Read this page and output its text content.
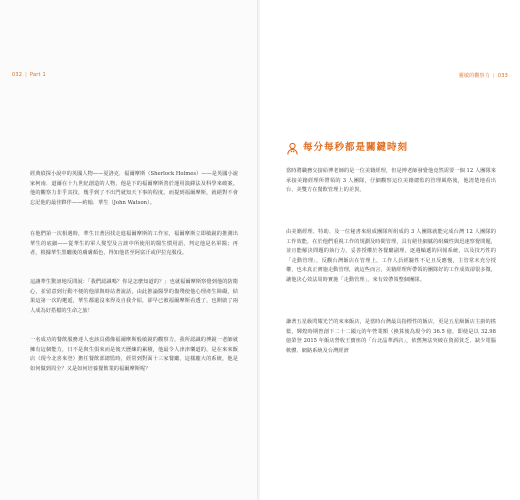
032 | Part 1

經典偵探小說中的英國人物——夏洛克．福爾摩斯（Sherlock Holmes）——是英國小說家柯南．道爾在十九世紀創造的人物，他是下的福爾摩斯善於運用演繹法及科學來破案。他的觀察力非乎其技，幾乎到了不出門就知天下事的程度。而提到福爾摩斯，就絕對不會忘記他的最佳夥伴——約翰．華生（John Watson）。

在他們第一次相遇時，華生日著因找走進福爾摩斯的工作室，福爾摩斯立即敏銳的推測出華生的底細——從華生的軍人髮型及言談中所使用的醫生慣用語，判定他是名軍醫；再者，根據華生黑曬後的膚膚顏色，得知他甚至阿富汗或伊拉克服役。

這讓華生驚訝地反問說：「我們認識嗎？你是怎麼知道的？」也就福爾摩斯察覺到他的防衛心，並留意到行動不便的他卻與時站著說話，由此推論醫學的傷殘使他心理產生障礙，結果這第一次的邂逅，華生都還沒來得及自我介紹，卻早已被福爾摩斯看透了，也開啟了兩人成為好搭檔的生命之旅！

一名成功的餐飲服務達人也該具備像福爾摩斯般敏銳的觀察力，我所認識的博銳一老師就擁有這個能力，日不是與生俱來而是後天歷練的累積，他最令人津津樂道的，是在來來飯店（現今北喜來登）擔任餐飲部總監時，經常到對面十三家餐廳，這樣龐大的系統，他是如何做到周全？又是如何培養餐飲業的福爾摩斯呢？

靈敏的觀察力 | 033
每分每秒都是關鍵時刻

當時將職務交接給博老師的是一位美籍經理，但是博老師發覺他竟然需要一個 12 人團隊來承接美籍經理所帶領的 3 人團隊，仔細觀察這位美籍總監的管理風格後，他清楚地看出台、美雙方在餐飲管理上的差異。

由美籍經理、特助、及一位秘書來組成團隊所組成的 3 人團隊就能完成台灣 12 人團隊的工作效能，在於他們重視工作的規劃及時間管理，具有絕佳細膩的組織性與迅速察覺問題，並且能解決問題的執行力，妥善授權於各餐廳副理，逐週輪遞的回報系統，以及技巧性的「走動管理」，反觀台灣飯店在管理上，工作人員經驗性不足且反應慢，主管常未充分授權，也未真正實施走動管理，就這些而言，美籍經理所帶領的團隊好的工作成效卻很多微，讓他決心效法周時實施「走動管理」，來有效帶領整個團隊。

謙著五星級閃耀光芒的來來飯店，是當時台灣最具指標性的飯店，更是五星級飯店主廚的搖籃，輝煌時期曾創下二十二國元的年營業額（換算後為現今的 36.5 億，即使是以 32.98 億榮登 2015 年飯店營收王寶座的「台北晶華酒店」，依舊無法突破在資源貧乏、缺少電腦軟體、網路系統及台灣經濟
